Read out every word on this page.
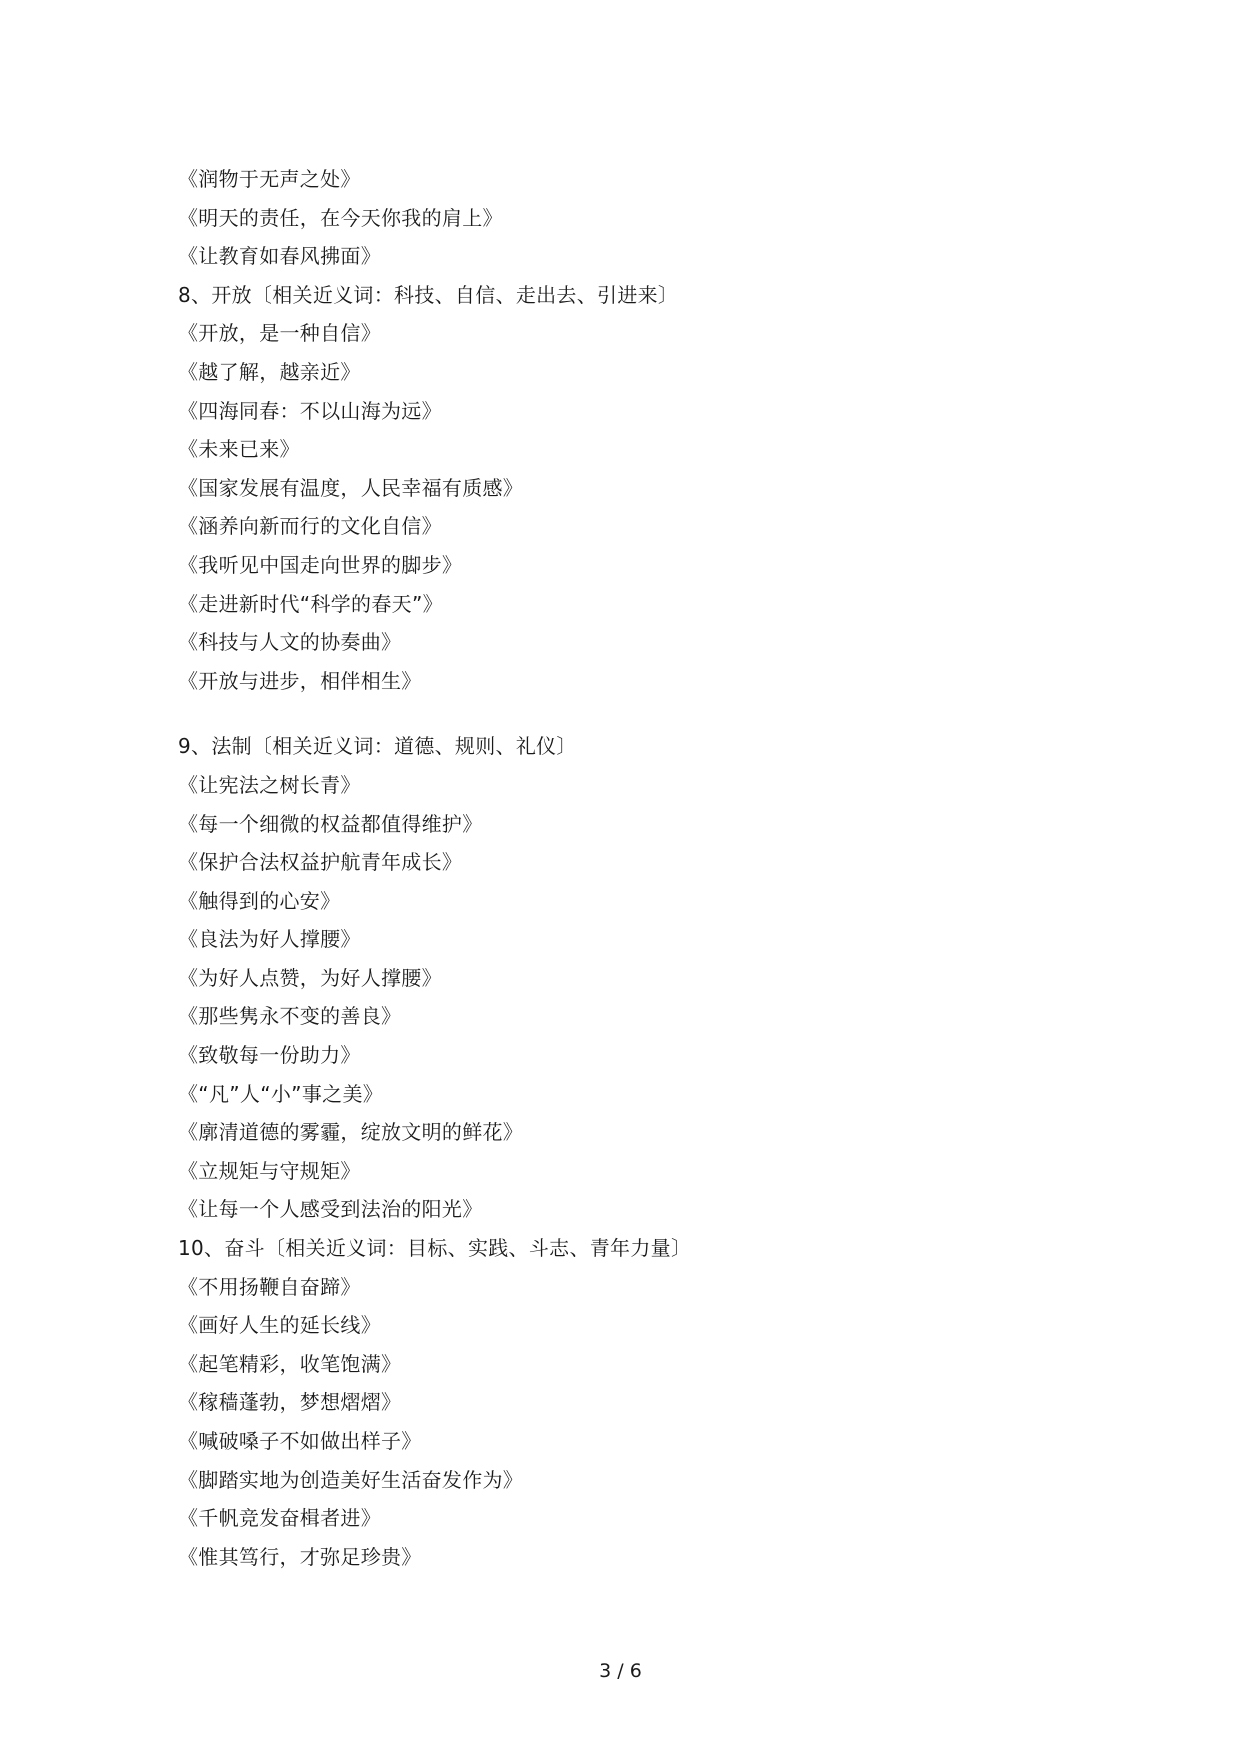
《润物于无声之处》
《明天的责任，在今天你我的肩上》
《让教育如春风拂面》
8、开放〔相关近义词：科技、自信、走出去、引进来〕
《开放，是一种自信》
《越了解，越亲近》
《四海同春：不以山海为远》
《未来已来》
《国家发展有温度，人民幸福有质感》
《涵养向新而行的文化自信》
《我听见中国走向世界的脚步》
《走进新时代“科学的春天”》
《科技与人文的协奏曲》
《开放与进步，相伴相生》
9、法制〔相关近义词：道德、规则、礼仪〕
《让宪法之树长青》
《每一个细微的权益都值得维护》
《保护合法权益护航青年成长》
《触得到的心安》
《良法为好人撑腰》
《为好人点赞，为好人撑腰》
《那些隽永不变的善良》
《致敬每一份助力》
《“凡”人“小”事之美》
《廓清道德的雾霾，绽放文明的鲜花》
《立规矩与守规矩》
《让每一个人感受到法治的阳光》
10、奋斗〔相关近义词：目标、实践、斗志、青年力量〕
《不用扬鞭自奋蹄》
《画好人生的延长线》
《起笔精彩，收笔饱满》
《稼穑蓬勃，梦想熠熠》
《喊破嗓子不如做出样子》
《脚踏实地为创造美好生活奋发作为》
《千帆竞发奋楫者进》
《惟其笃行，才弥足珍贵》
3 / 6
